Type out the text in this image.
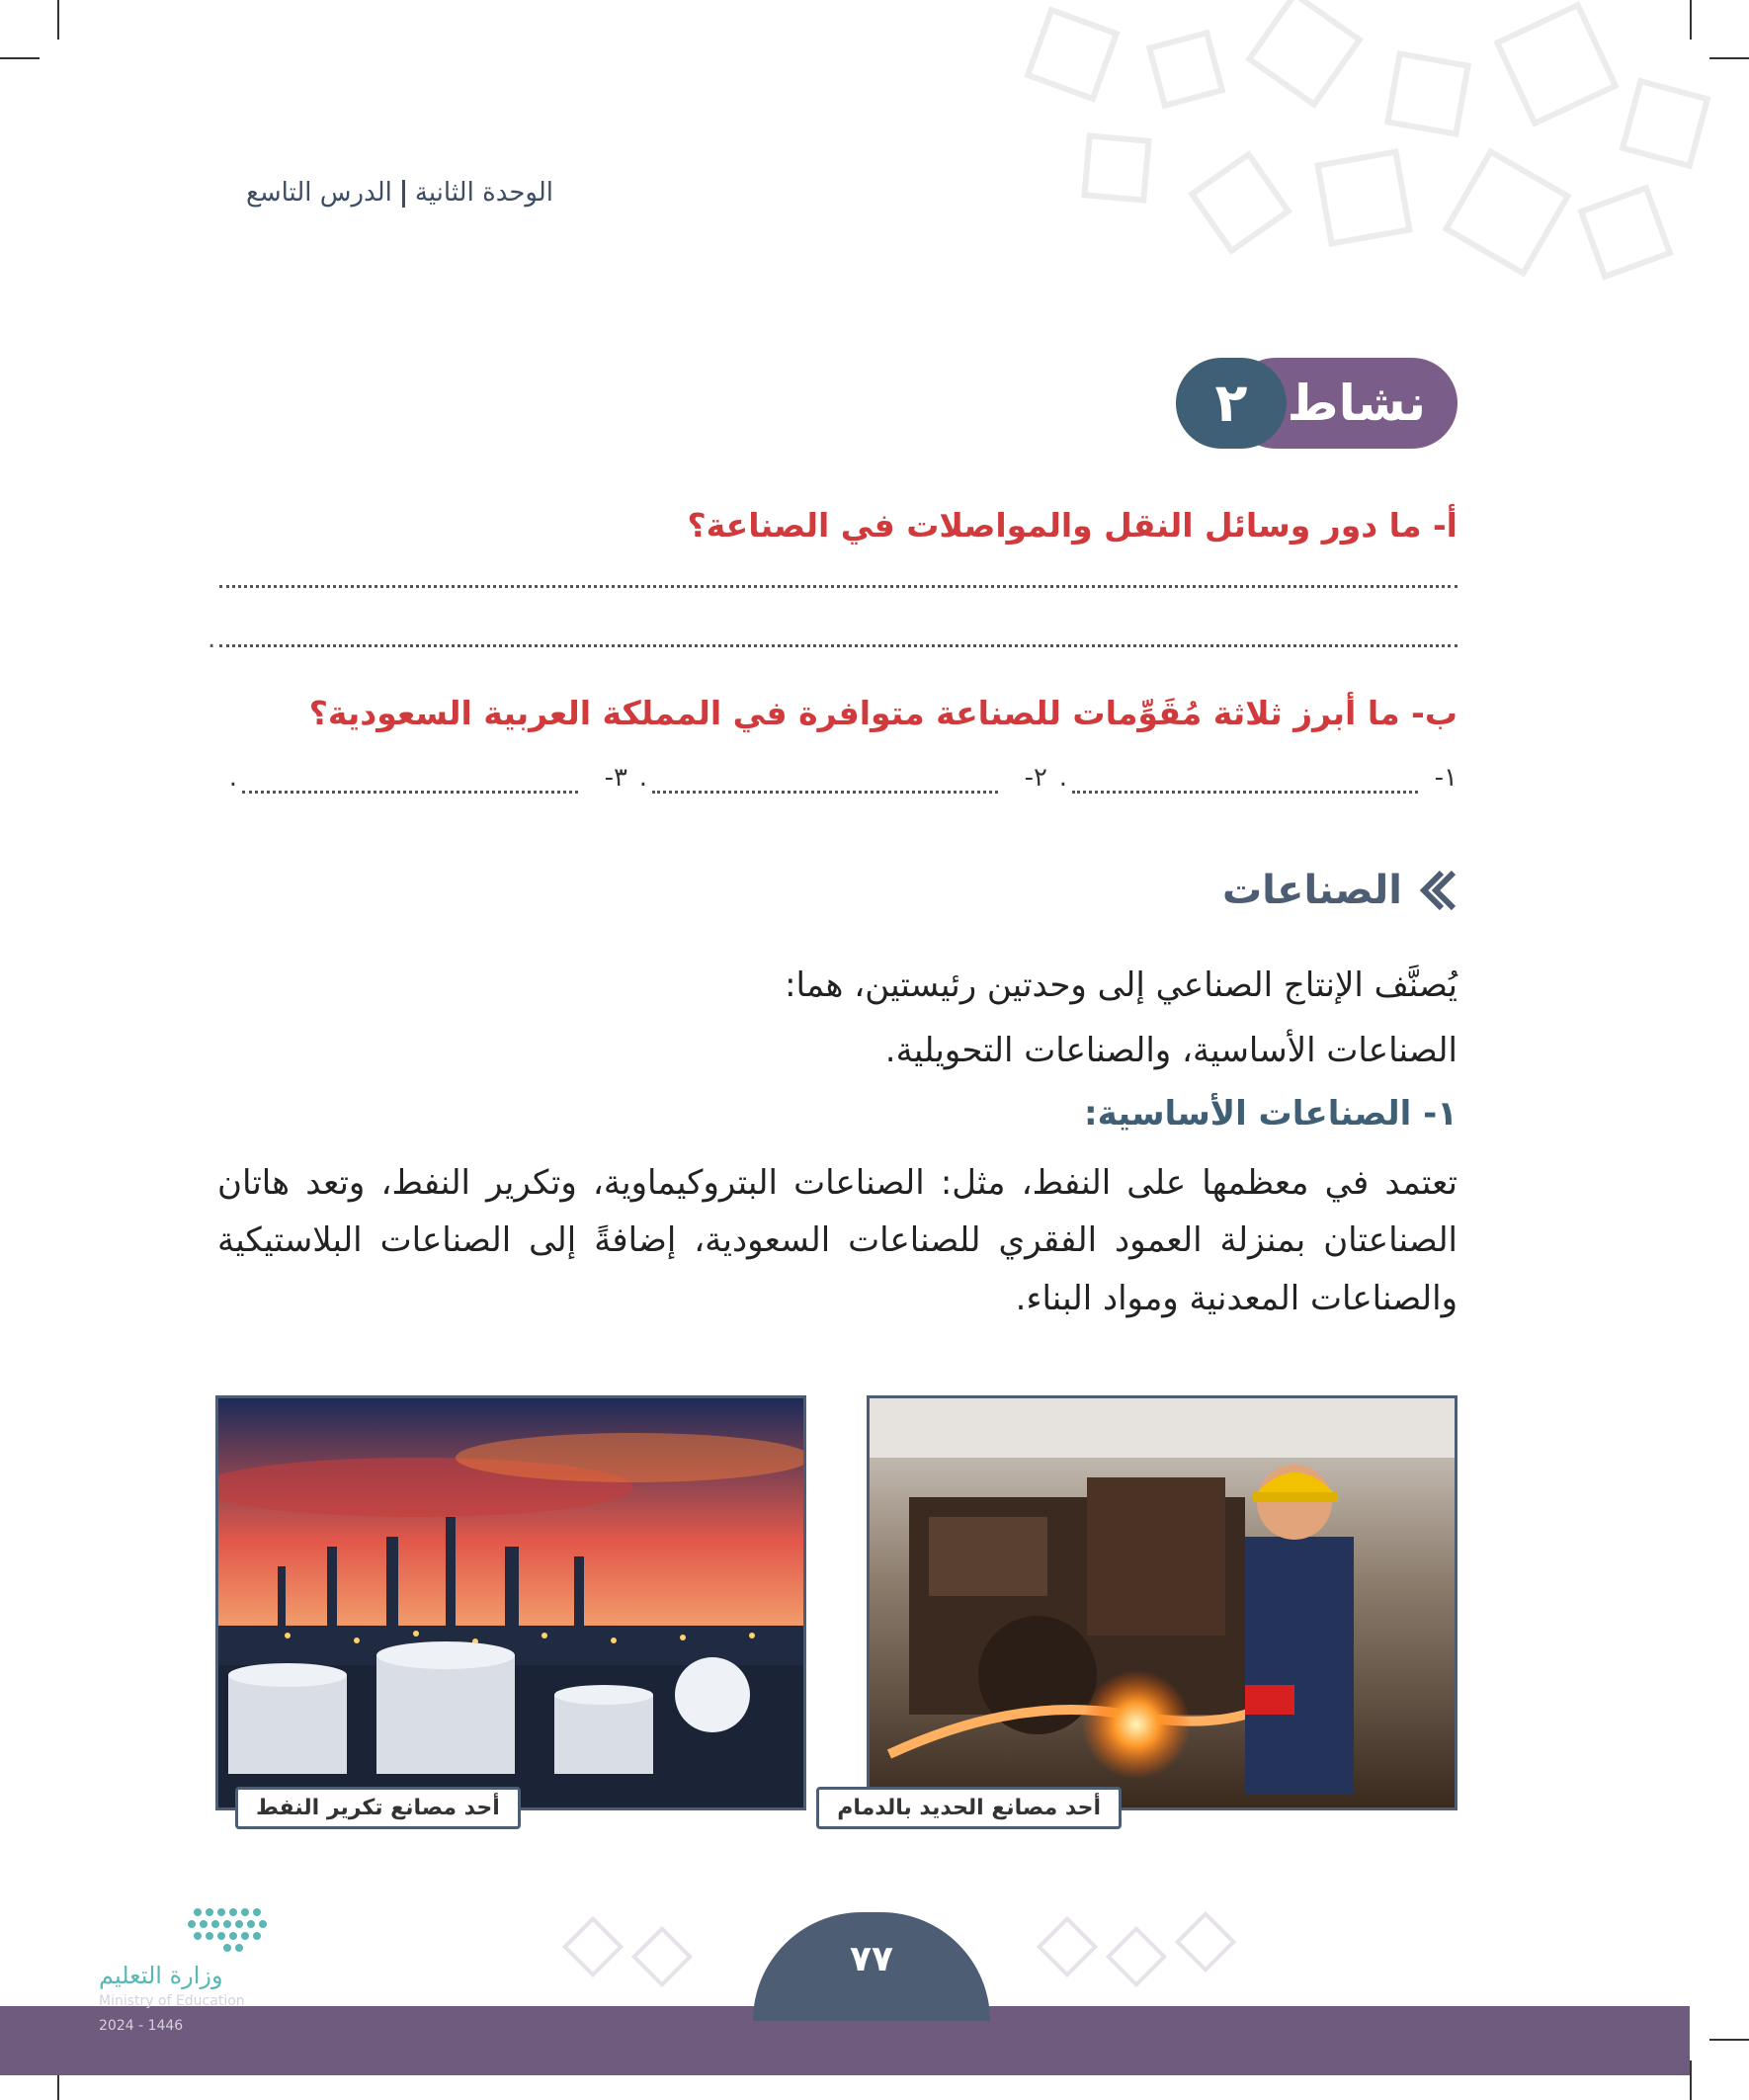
الوحدة الثانيةالدرس التاسع
نشاط
٢
أ- ما دور وسائل النقل والمواصلات في الصناعة؟
.
ب- ما أبرز ثلاثة مُقَوِّمات للصناعة متوافرة في المملكة العربية السعودية؟
١-
.
٢-
.
٣-
.
الصناعات
يُصنَّف الإنتاج الصناعي إلى وحدتين رئيستين، هما:
الصناعات الأساسية، والصناعات التحويلية.
١- الصناعات الأساسية:
تعتمد في معظمها على النفط، مثل: الصناعات البتروكيماوية، وتكرير النفط، وتعد هاتان الصناعتان بمنزلة العمود الفقري للصناعات السعودية، إضافةً إلى الصناعات البلاستيكية والصناعات المعدنية ومواد البناء.
أحد مصانع الحديد بالدمام
أحد مصانع تكرير النفط
٧٧
وزارة التعليم
Ministry of Education
2024 - 1446
